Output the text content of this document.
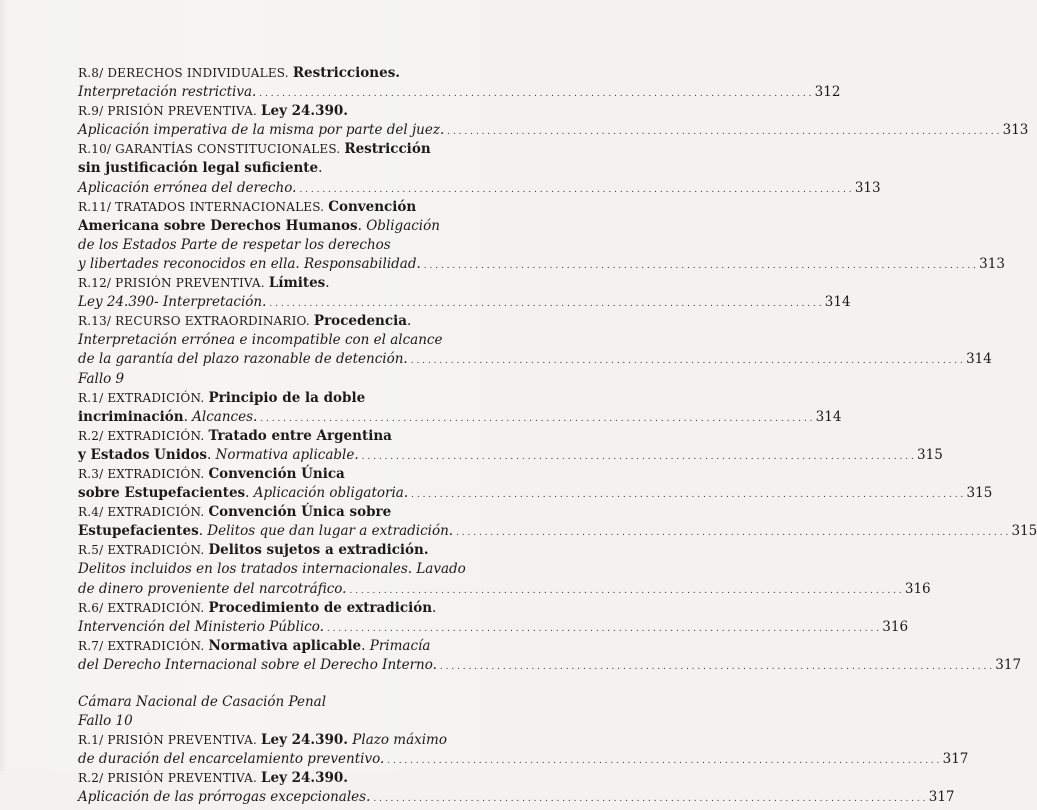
R.8/ DERECHOS INDIVIDUALES. Restricciones.
Interpretación restrictiva. . . .	312
R.9/ PRISIÓN PREVENTIVA. Ley 24.390.
Aplicación imperativa de la misma por parte del juez. . . .	313
R.10/ GARANTÍAS CONSTITUCIONALES. Restricción
sin justificación legal suficiente.
Aplicación errónea del derecho. . . .	313
R.11/ TRATADOS INTERNACIONALES. Convención
Americana sobre Derechos Humanos. Obligación
de los Estados Parte de respetar los derechos
y libertades reconocidos en ella. Responsabilidad. . . .	313
R.12/ PRISIÓN PREVENTIVA. Límites.
Ley 24.390- Interpretación. . . .	314
R.13/ RECURSO EXTRAORDINARIO. Procedencia.
Interpretación errónea e incompatible con el alcance
de la garantía del plazo razonable de detención. . . .	314
Fallo 9
R.1/ EXTRADICIÓN. Principio de la doble
incriminación. Alcances. . . .	314
R.2/ EXTRADICIÓN. Tratado entre Argentina
y Estados Unidos. Normativa aplicable. . . .	315
R.3/ EXTRADICIÓN. Convención Única
sobre Estupefacientes. Aplicación obligatoria. . . .	315
R.4/ EXTRADICIÓN. Convención Única sobre
Estupefacientes. Delitos que dan lugar a extradición. . . .	315
R.5/ EXTRADICIÓN. Delitos sujetos a extradición.
Delitos incluidos en los tratados internacionales. Lavado
de dinero proveniente del narcotráfico. . . .	316
R.6/ EXTRADICIÓN. Procedimiento de extradición.
Intervención del Ministerio Público. . . .	316
R.7/ EXTRADICIÓN. Normativa aplicable. Primacía
del Derecho Internacional sobre el Derecho Interno. . . .	317
Cámara Nacional de Casación Penal
Fallo 10
R.1/ PRISIÓN PREVENTIVA. Ley 24.390. Plazo máximo
de duración del encarcelamiento preventivo. . . .	317
R.2/ PRISIÓN PREVENTIVA. Ley 24.390.
Aplicación de las prórrogas excepcionales. . . .	317
